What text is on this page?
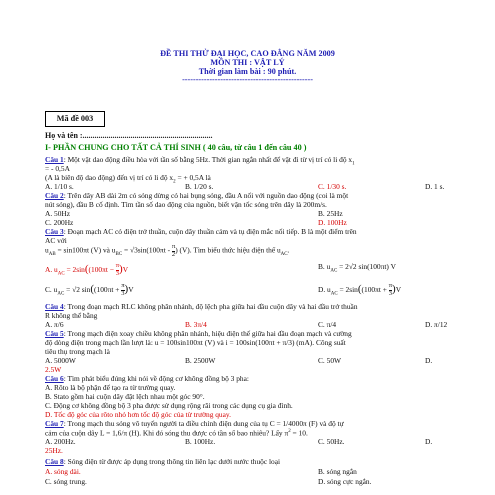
ĐỀ THI THỬ ĐẠI HỌC, CAO ĐẲNG NĂM 2009
MÔN THI : VẬT LÝ
Thời gian làm bài : 90 phút.
------------------------------------------------
Mã đề 003
Họ và tên :.................................................................
I- PHẦN CHUNG CHO TẤT CẢ THÍ SINH ( 40 câu, từ câu 1 đến câu 40 )
Câu 1: Một vật dao động điều hòa với tần số bằng 5Hz. Thời gian ngắn nhất để vật đi từ vị trí có li độ $x_1$
= - 0,5A
(A là biên độ dao động) đến vị trí có li độ $x_2$ = + 0,5A là
A. 1/10 s.	B. 1/20 s.	C. 1/30 s.	D. 1 s.
Câu 2: Trên dây AB dài 2m có sóng dừng có hai bụng sóng, đầu A nối với nguồn dao động (coi là một
nút sóng), đầu B cố định. Tìm tần số dao động của nguồn, biết vận tốc sóng trên dây là 200m/s.
A. 50Hz	B. 25Hz
C. 200Hz	D. 100Hz
Câu 3: Đoạn mạch AC có điện trở thuần, cuộn dây thuần cảm và tụ điện mắc nối tiếp. B là một điểm trên
AC với
$u_{AB} = \sin 100\pi t$ (V) và $u_{BC} = √3\sin(100\pi t - \frac{\pi}{2}$ ) (V). Tìm biểu thức hiệu điện thế $u_{AC}$.
A. $u_{AC} = 2\sin((100\pi t - \frac{\pi}{3} )V$	B. $u_{AC} = 2√2$ sin(100πt) V
C. $u_{AC} = √2$ $\sin((100\pi t + \frac{\pi}{3} )V$	D. $u_{AC} = 2\sin((100\pi t + \frac{\pi}{3} )V$
Câu 4: Trong đoạn mạch RLC không phân nhánh, độ lệch pha giữa hai đầu cuộn dây và hai đầu trở thuần
R không thể bằng
A. π/6	B. 3π/4	C. π/4	D. π/12
Câu 5: Trong mạch điện xoay chiều không phân nhánh, hiệu điện thế giữa hai đầu đoạn mạch và cường
độ dòng điện trong mạch lần lượt là: u = 100sin100πt (V) và i = 100sin(100πt + π/3) (mA). Công suất
tiêu thụ trong mạch là
A. 5000W	B. 2500W	C. 50W	D.
2.5W
Câu 6: Tìm phát biểu đúng khi nói về động cơ không đồng bộ 3 pha:
A. Rôto là bộ phận để tạo ra từ trường quay.
B. Stato gồm hai cuộn dây đặt lệch nhau một góc 90°.
C. Động cơ không đồng bộ 3 pha được sử dụng rộng rãi trong các dụng cụ gia đình.
D. Tốc độ góc của rôto nhỏ hơn tốc độ góc của từ trường quay.
Câu 7: Trong mạch thu sóng vô tuyến người ta điều chỉnh điện dung của tụ C = 1/4000π (F) và độ tự
cảm của cuộn dây L = 1,6/π (H). Khi đó sóng thu được có tần số bao nhiêu? Lấy $\pi^2 = 10$.
A. 200Hz.	B. 100Hz.	C. 50Hz.	D.
25Hz.
Câu 8: Sóng điện từ được áp dụng trong thông tin liên lạc dưới nước thuộc loại
A. sóng dài.	B. sóng ngắn
C. sóng trung.	D. sóng cực ngắn.
